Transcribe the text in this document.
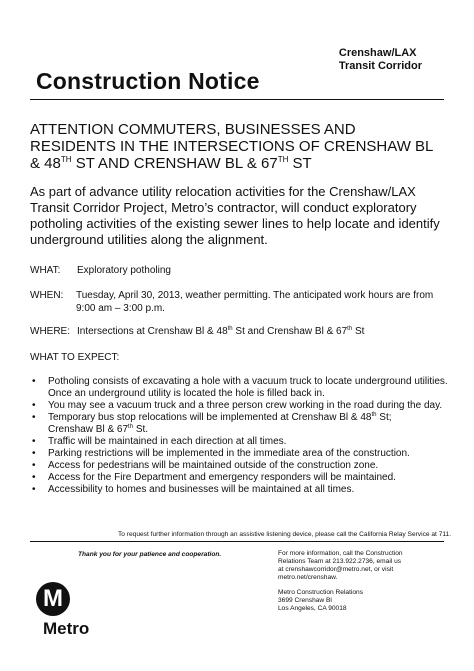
Crenshaw/LAX
Transit Corridor
Construction Notice
ATTENTION COMMUTERS, BUSINESSES AND
RESIDENTS IN THE INTERSECTIONS OF CRENSHAW BL
& 48TH ST AND CRENSHAW BL & 67TH ST
As part of advance utility relocation activities for the Crenshaw/LAX Transit Corridor Project, Metro’s contractor, will conduct exploratory potholing activities of the existing sewer lines to help locate and identify underground utilities along the alignment.
WHAT: Exploratory potholing
WHEN: Tuesday, April 30, 2013, weather permitting. The anticipated work hours are from
9:00 am – 3:00 p.m.
WHERE: Intersections at Crenshaw Bl & 48th St and Crenshaw Bl & 67th St
WHAT TO EXPECT:
• Potholing consists of excavating a hole with a vacuum truck to locate underground utilities. Once an underground utility is located the hole is filled back in.
• You may see a vacuum truck and a three person crew working in the road during the day.
• Temporary bus stop relocations will be implemented at Crenshaw Bl & 48th St;
Crenshaw Bl & 67th St.
• Traffic will be maintained in each direction at all times.
• Parking restrictions will be implemented in the immediate area of the construction.
• Access for pedestrians will be maintained outside of the construction zone.
• Access for the Fire Department and emergency responders will be maintained.
• Accessibility to homes and businesses will be maintained at all times.
To request further information through an assistive listening device, please call the California Relay Service at 711.
Thank you for your patience and cooperation.	For more information, call the Construction
Relations Team at 213.922.2736, email us
at crenshawcorridor@metro.net, or visit
metro.net/crenshaw.
Metro Construction Relations
3699 Crenshaw Bl
Los Angeles, CA 90018
M
Metro
